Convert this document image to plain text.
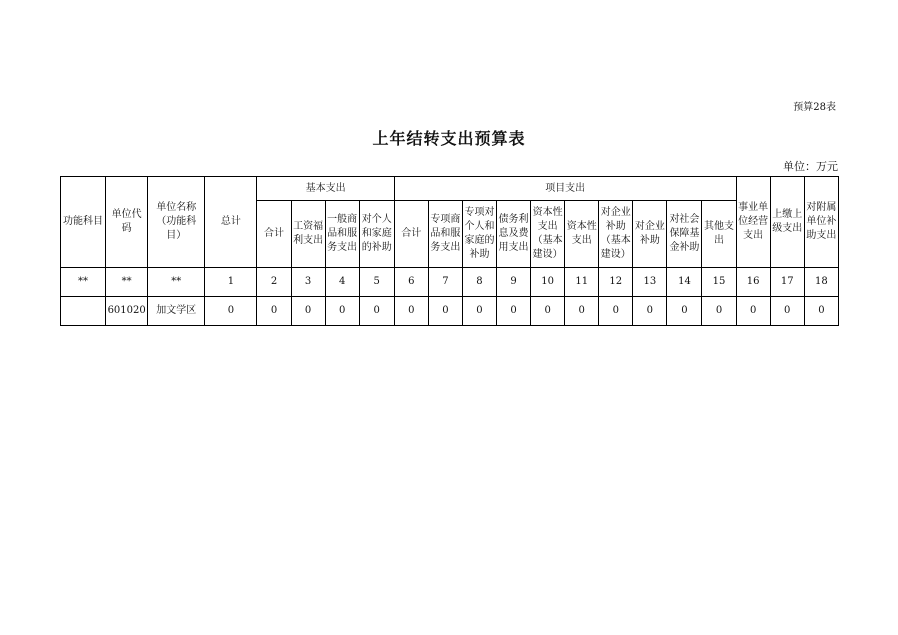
预算28表
上年结转支出预算表
单位：万元
功能科目	单位代码	单位名称（功能科目）	总计	基本支出				项目支出										事业单位经营支出	上缴上级支出	对附属单位补助支出
				合计	工资福利支出	一般商品和服务支出	对个人和家庭的补助	合计	专项商品和服务支出	专项对个人和家庭的补助	债务利息及费用支出	资本性支出（基本建设）	资本性支出	对企业补助（基本建设）	对企业补助	对社会保障基金补助	其他支出			
**	**	**	1	2	3	4	5	6	7	8	9	10	11	12	13	14	15	16	17	18
	601020	加文学区	0	0	0	0	0	0	0	0	0	0	0	0	0	0	0	0	0	0
